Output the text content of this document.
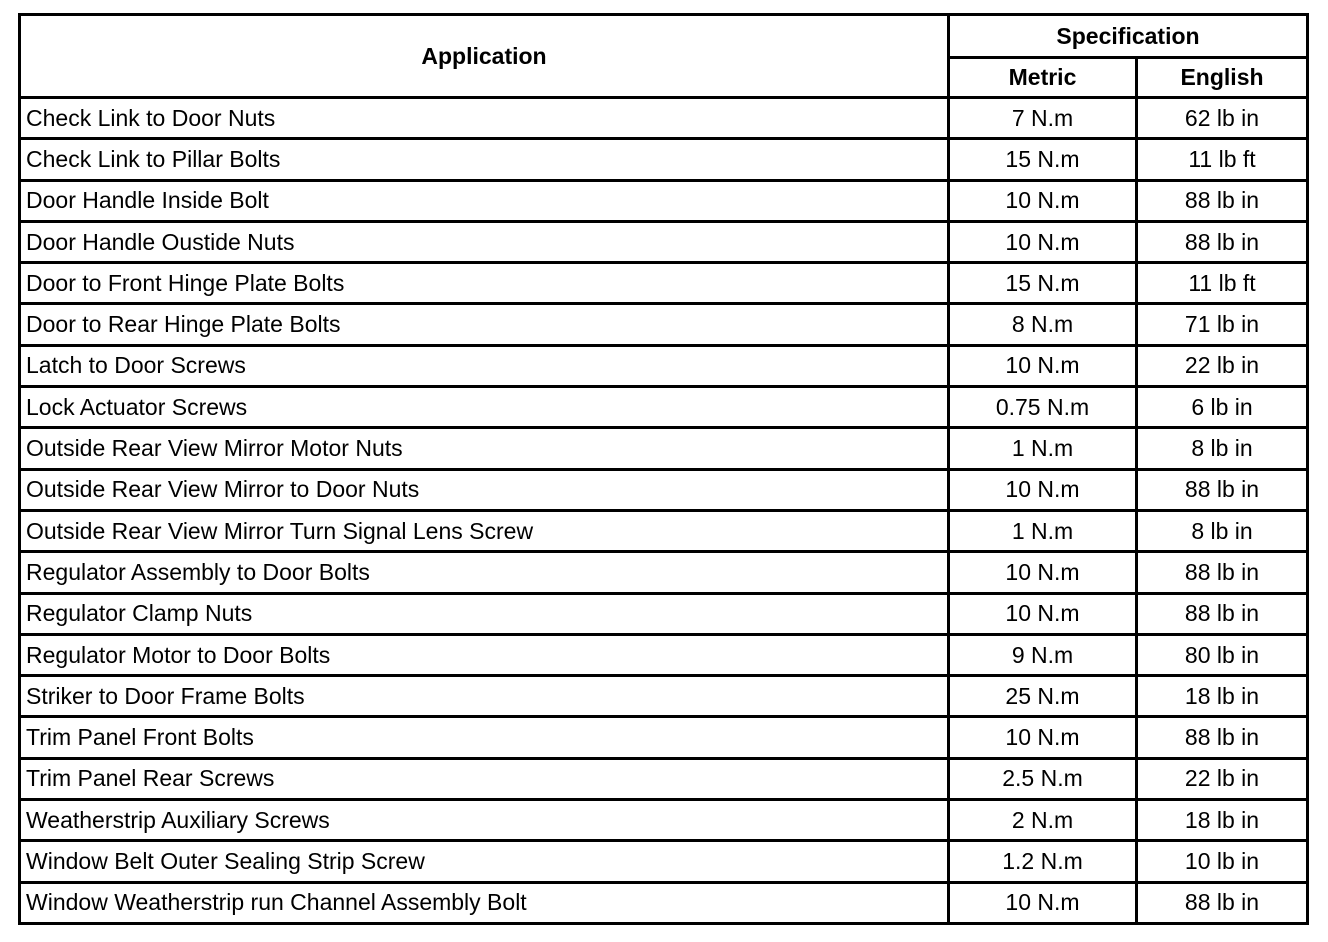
Application	Specification	
	Metric	English
Check Link to Door Nuts	7 N.m	62 lb in
Check Link to Pillar Bolts	15 N.m	11 lb ft
Door Handle Inside Bolt	10 N.m	88 lb in
Door Handle Oustide Nuts	10 N.m	88 lb in
Door to Front Hinge Plate Bolts	15 N.m	11 lb ft
Door to Rear Hinge Plate Bolts	8 N.m	71 lb in
Latch to Door Screws	10 N.m	22 lb in
Lock Actuator Screws	0.75 N.m	6 lb in
Outside Rear View Mirror Motor Nuts	1 N.m	8 lb in
Outside Rear View Mirror to Door Nuts	10 N.m	88 lb in
Outside Rear View Mirror Turn Signal Lens Screw	1 N.m	8 lb in
Regulator Assembly to Door Bolts	10 N.m	88 lb in
Regulator Clamp Nuts	10 N.m	88 lb in
Regulator Motor to Door Bolts	9 N.m	80 lb in
Striker to Door Frame Bolts	25 N.m	18 lb in
Trim Panel Front Bolts	10 N.m	88 lb in
Trim Panel Rear Screws	2.5 N.m	22 lb in
Weatherstrip Auxiliary Screws	2 N.m	18 lb in
Window Belt Outer Sealing Strip Screw	1.2 N.m	10 lb in
Window Weatherstrip run Channel Assembly Bolt	10 N.m	88 lb in
